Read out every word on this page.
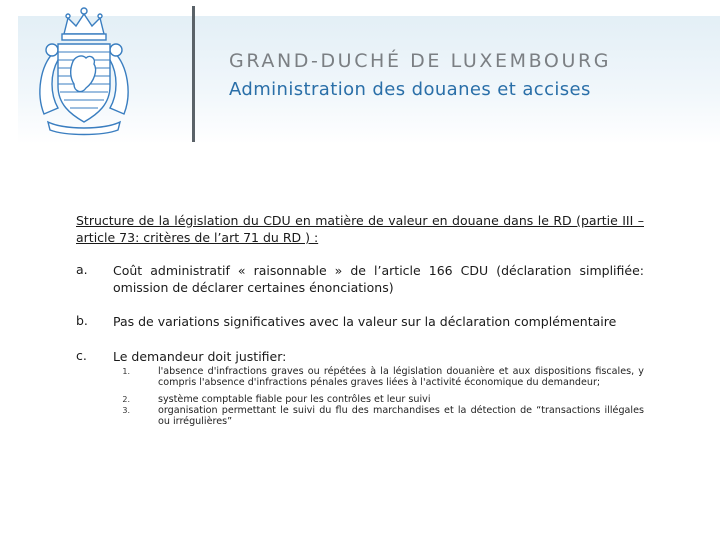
GRAND-DUCHÉ DE LUXEMBOURG
Administration des douanes et accises
Structure de la législation du CDU en matière de valeur en douane dans le RD (partie III – article 73: critères de l’art 71 du RD ) :
a. Coût administratif « raisonnable » de l’article 166 CDU (déclaration simplifiée: omission de déclarer certaines énonciations)
b. Pas de variations significatives avec la valeur sur la déclaration complémentaire
c. Le demandeur doit justifier:
1.	l'absence d'infractions graves ou répétées à la législation douanière et aux dispositions fiscales, y compris l'absence d'infractions pénales graves liées à l'activité économique du demandeur;
2.	système comptable fiable pour les contrôles et leur suivi
3.	organisation permettant le suivi du flu des marchandises et la détection de “transactions illégales ou irrégulières”
